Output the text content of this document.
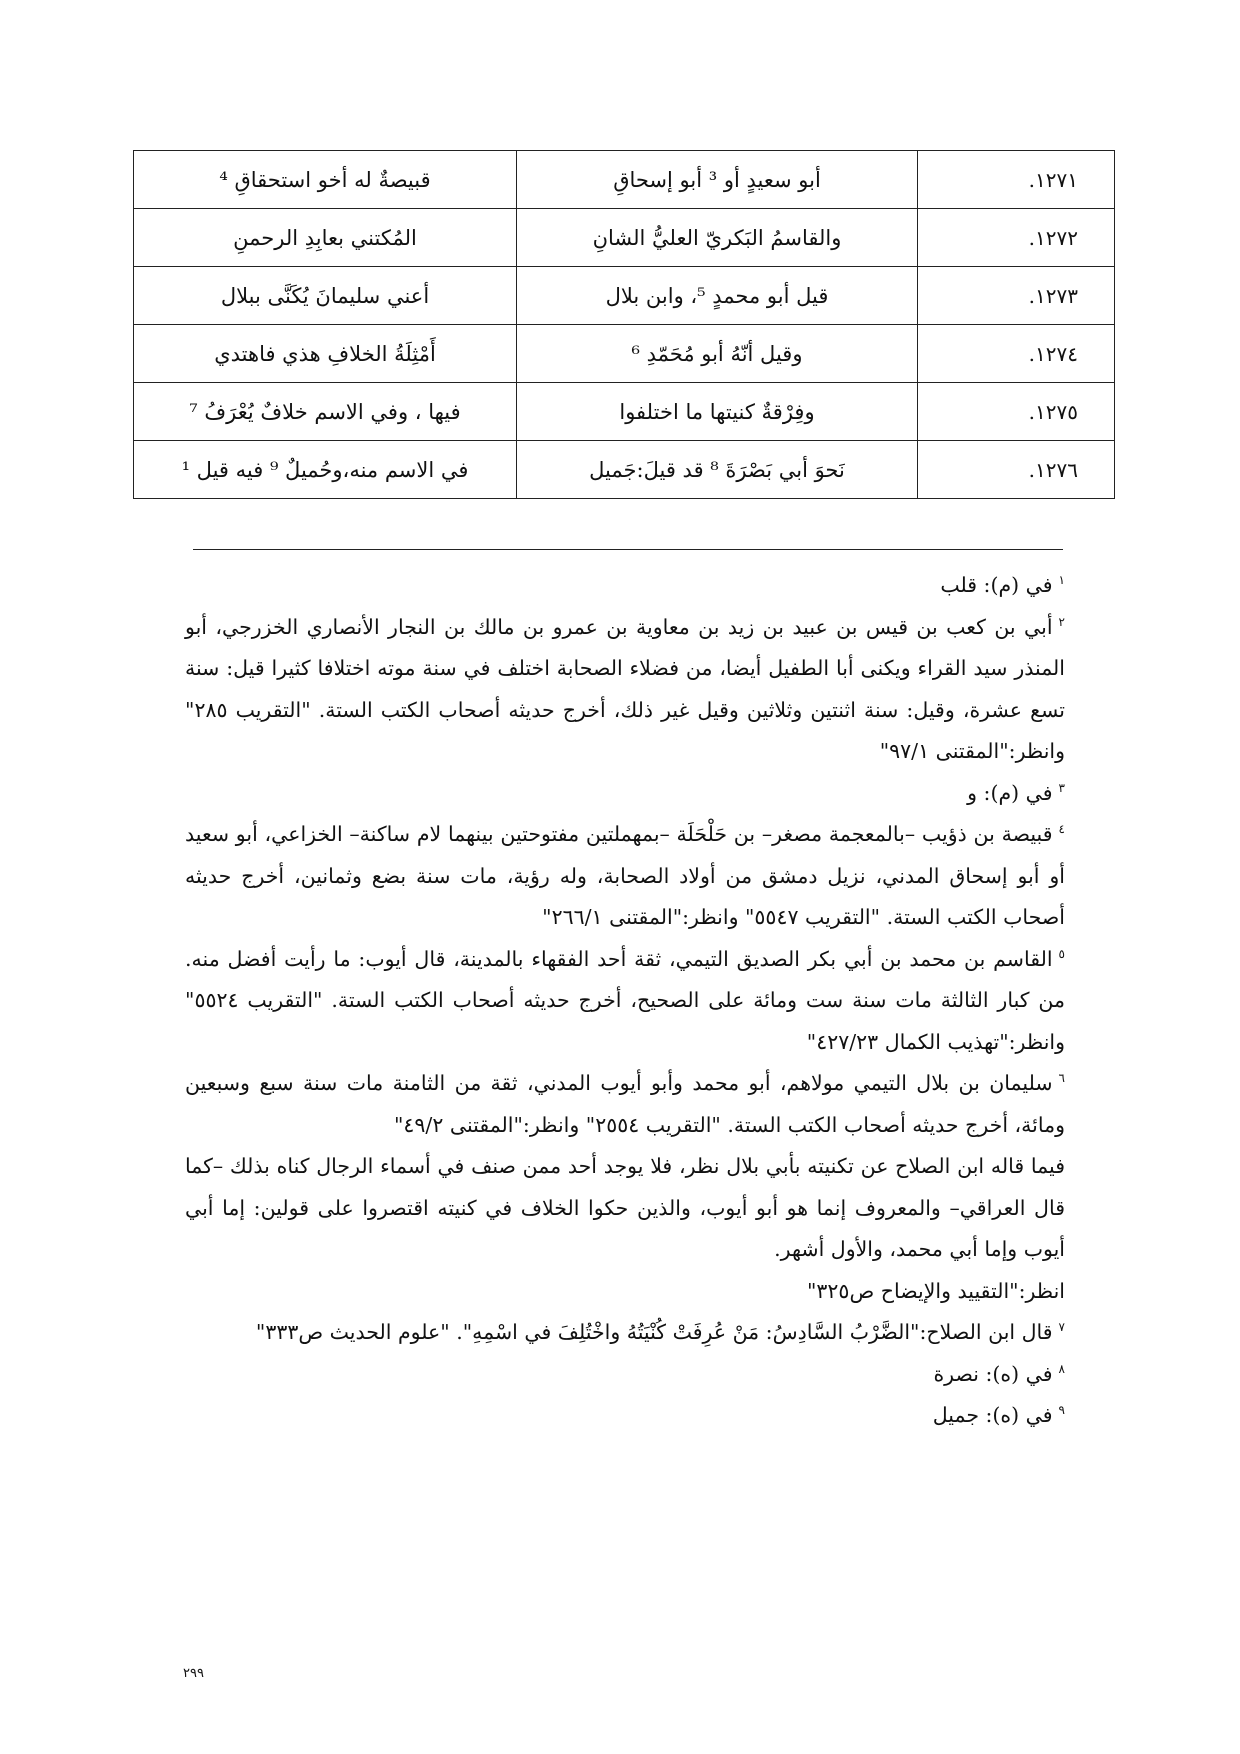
١٢٧١.	أبو سعيدٍ أو ³ أبو إسحاقِ	قبيصةٌ له أخو استحقاقِ ⁴
١٢٧٢.	والقاسمُ البَكريّ العليُّ الشانِ	المُكتني بعابِدِ الرحمنِ
١٢٧٣.	قيل أبو محمدٍ ⁵، وابن بلال	أعني سليمانَ يُكَنَّى ببلال
١٢٧٤.	وقيل أنّهُ أبو مُحَمّدِ ⁶	أَمْثِلَةُ الخلافِ هذي فاهتدي
١٢٧٥.	وفِرْقةٌ كنيتها ما اختلفوا	فيها ، وفي الاسم خلافٌ يُعْرَفُ ⁷
١٢٧٦.	نَحوَ أبي بَصْرَةَ ⁸ قد قيلَ:جَميل	في الاسم منه،وحُميلٌ ⁹ فيه قيل ¹

$^١$في (م): قلب

$^٢$أبي بن كعب بن قيس بن عبيد بن زيد بن معاوية بن عمرو بن مالك بن النجار الأنصاري الخزرجي، أبو المنذر سيد القراء ويكنى أبا الطفيل أيضا، من فضلاء الصحابة اختلف في سنة موته اختلافا كثيرا قيل: سنة تسع عشرة، وقيل: سنة اثنتين وثلاثين وقيل غير ذلك، أخرج حديثه أصحاب الكتب الستة. "التقريب ٢٨٥" وانظر:"المقتنى ٩٧/١"

$^٣$في (م): و

$^٤$قبيصة بن ذؤيب –بالمعجمة مصغر– بن حَلْحَلَة –بمهملتين مفتوحتين بينهما لام ساكنة– الخزاعي، أبو سعيد أو أبو إسحاق المدني، نزيل دمشق من أولاد الصحابة، وله رؤية، مات سنة بضع وثمانين، أخرج حديثه أصحاب الكتب الستة. "التقريب ٥٥٤٧" وانظر:"المقتنى ٢٦٦/١"

$^٥$القاسم بن محمد بن أبي بكر الصديق التيمي، ثقة أحد الفقهاء بالمدينة، قال أيوب: ما رأيت أفضل منه. من كبار الثالثة مات سنة ست ومائة على الصحيح، أخرج حديثه أصحاب الكتب الستة. "التقريب ٥٥٢٤" وانظر:"تهذيب الكمال ٤٢٧/٢٣"

$^٦$سليمان بن بلال التيمي مولاهم، أبو محمد وأبو أيوب المدني، ثقة من الثامنة مات سنة سبع وسبعين ومائة، أخرج حديثه أصحاب الكتب الستة. "التقريب ٢٥٥٤" وانظر:"المقتنى ٤٩/٢"

فيما قاله ابن الصلاح عن تكنيته بأبي بلال نظر، فلا يوجد أحد ممن صنف في أسماء الرجال كناه بذلك –كما قال العراقي– والمعروف إنما هو أبو أيوب، والذين حكوا الخلاف في كنيته اقتصروا على قولين: إما أبي أيوب وإما أبي محمد، والأول أشهر.

انظر:"التقييد والإيضاح ص٣٢٥"

$^٧$قال ابن الصلاح:"الضَّرْبُ السَّادِسُ: مَنْ عُرِفَتْ كُنْيَتُهُ واخْتُلِفَ في اسْمِهِ". "علوم الحديث ص٣٣٣"

$^٨$في (ه): نصرة

$^٩$في (ه): جميل

٢٩٩
